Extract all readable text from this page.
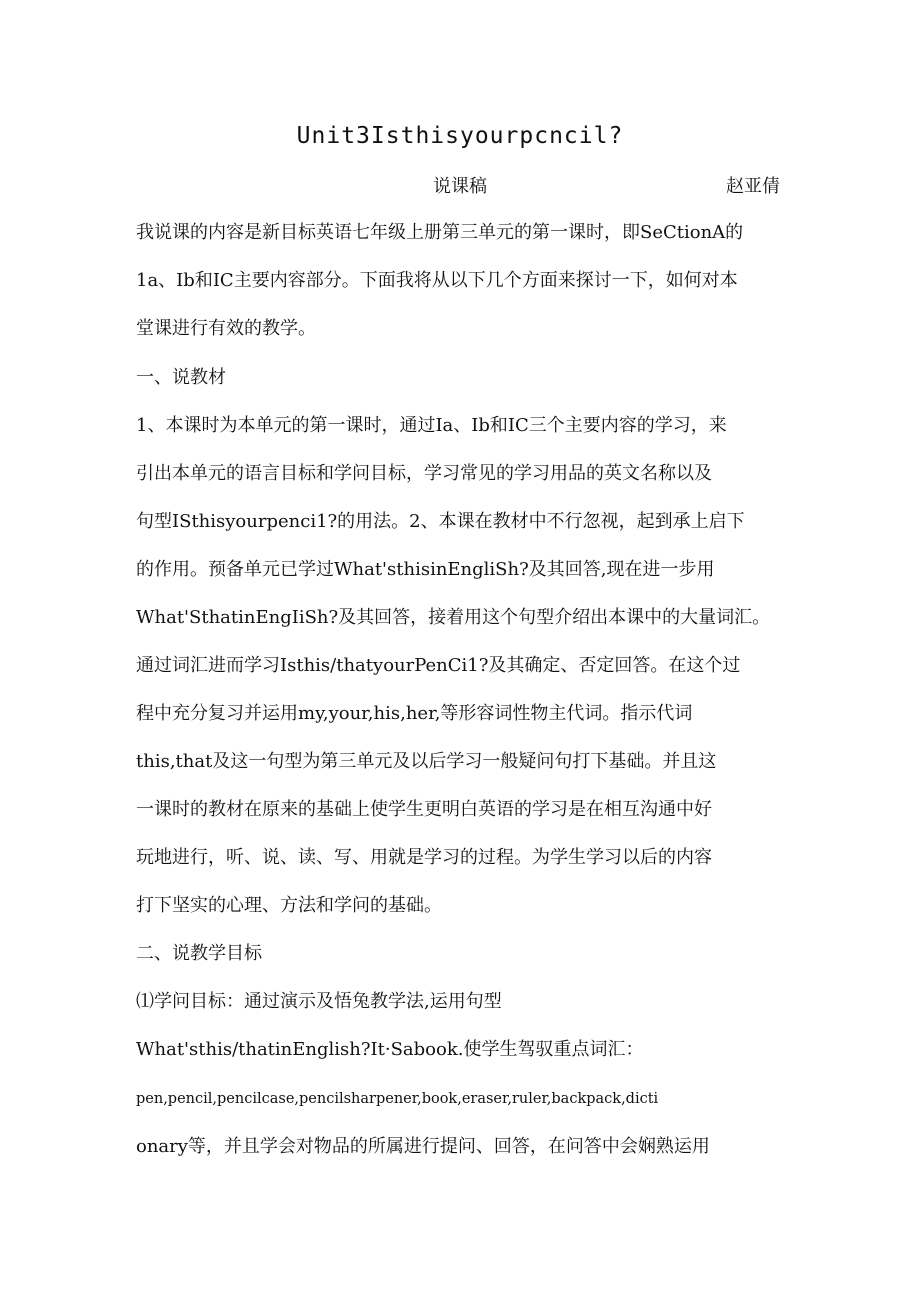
Unit3Isthisyourpcncil?
说课稿	赵亚倩
我说课的内容是新目标英语七年级上册第三单元的第一课时，即SeCtionA的
1a、Ib和IC主要内容部分。下面我将从以下几个方面来探讨一下，如何对本
堂课进行有效的教学。
一、说教材
1、本课时为本单元的第一课时，通过Ia、Ib和IC三个主要内容的学习，来
引出本单元的语言目标和学问目标，学习常见的学习用品的英文名称以及
句型ISthisyourpenci1?的用法。2、本课在教材中不行忽视，起到承上启下
的作用。预备单元已学过What'sthisinEngliSh?及其回答,现在进一步用
What'SthatinEngIiSh?及其回答，接着用这个句型介绍出本课中的大量词汇。
通过词汇进而学习Isthis/thatyourPenCi1?及其确定、否定回答。在这个过
程中充分复习并运用my,your,his,her,等形容词性物主代词。指示代词
this,that及这一句型为第三单元及以后学习一般疑问句打下基础。并且这
一课时的教材在原来的基础上使学生更明白英语的学习是在相互沟通中好
玩地进行，听、说、读、写、用就是学习的过程。为学生学习以后的内容
打下坚实的心理、方法和学问的基础。
二、说教学目标
⑴学问目标：通过演示及悟兔教学法,运用句型
What'sthis/thatinEnglish?It·Sabook.使学生驾驭重点词汇：
pen,pencil,pencilcase,pencilsharpener,book,eraser,ruler,backpack,dicti
onary等，并且学会对物品的所属进行提问、回答，在问答中会娴熟运用
